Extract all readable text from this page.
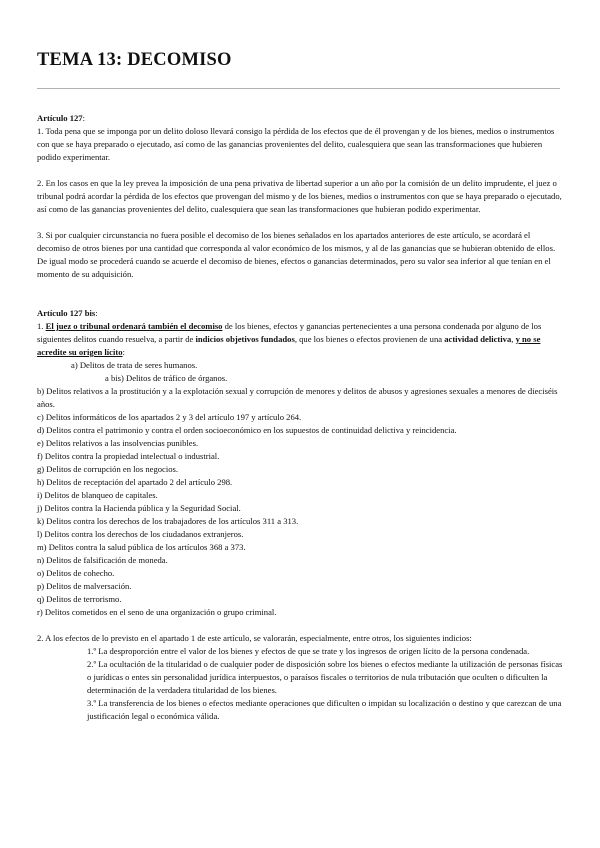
TEMA 13: DECOMISO

Artículo 127:

1. Toda pena que se imponga por un delito doloso llevará consigo la pérdida de los efectos que de él provengan y de los bienes, medios o instrumentos con que se haya preparado o ejecutado, así como de las ganancias provenientes del delito, cualesquiera que sean las transformaciones que hubieren podido experimentar.

2. En los casos en que la ley prevea la imposición de una pena privativa de libertad superior a un año por la comisión de un delito imprudente, el juez o tribunal podrá acordar la pérdida de los efectos que provengan del mismo y de los bienes, medios o instrumentos con que se haya preparado o ejecutado, así como de las ganancias provenientes del delito, cualesquiera que sean las transformaciones que hubieran podido experimentar.

3. Si por cualquier circunstancia no fuera posible el decomiso de los bienes señalados en los apartados anteriores de este artículo, se acordará el decomiso de otros bienes por una cantidad que corresponda al valor económico de los mismos, y al de las ganancias que se hubieran obtenido de ellos. De igual modo se procederá cuando se acuerde el decomiso de bienes, efectos o ganancias determinados, pero su valor sea inferior al que tenían en el momento de su adquisición.

Artículo 127 bis:

1. El juez o tribunal ordenará también el decomiso de los bienes, efectos y ganancias pertenecientes a una persona condenada por alguno de los siguientes delitos cuando resuelva, a partir de indicios objetivos fundados, que los bienes o efectos provienen de una actividad delictiva, y no se acredite su origen lícito:

a) Delitos de trata de seres humanos.

a bis) Delitos de tráfico de órganos.

b) Delitos relativos a la prostitución y a la explotación sexual y corrupción de menores y delitos de abusos y agresiones sexuales a menores de dieciséis años.

c) Delitos informáticos de los apartados 2 y 3 del artículo 197 y artículo 264.

d) Delitos contra el patrimonio y contra el orden socioeconómico en los supuestos de continuidad delictiva y reincidencia.

e) Delitos relativos a las insolvencias punibles.

f) Delitos contra la propiedad intelectual o industrial.

g) Delitos de corrupción en los negocios.

h) Delitos de receptación del apartado 2 del artículo 298.

i) Delitos de blanqueo de capitales.

j) Delitos contra la Hacienda pública y la Seguridad Social.

k) Delitos contra los derechos de los trabajadores de los artículos 311 a 313.

l) Delitos contra los derechos de los ciudadanos extranjeros.

m) Delitos contra la salud pública de los artículos 368 a 373.

n) Delitos de falsificación de moneda.

o) Delitos de cohecho.

p) Delitos de malversación.

q) Delitos de terrorismo.

r) Delitos cometidos en el seno de una organización o grupo criminal.

2. A los efectos de lo previsto en el apartado 1 de este artículo, se valorarán, especialmente, entre otros, los siguientes indicios:

1.º La desproporción entre el valor de los bienes y efectos de que se trate y los ingresos de origen lícito de la persona condenada.

2.º La ocultación de la titularidad o de cualquier poder de disposición sobre los bienes o efectos mediante la utilización de personas físicas o jurídicas o entes sin personalidad jurídica interpuestos, o paraísos fiscales o territorios de nula tributación que oculten o dificulten la determinación de la verdadera titularidad de los bienes.

3.º La transferencia de los bienes o efectos mediante operaciones que dificulten o impidan su localización o destino y que carezcan de una justificación legal o económica válida.
